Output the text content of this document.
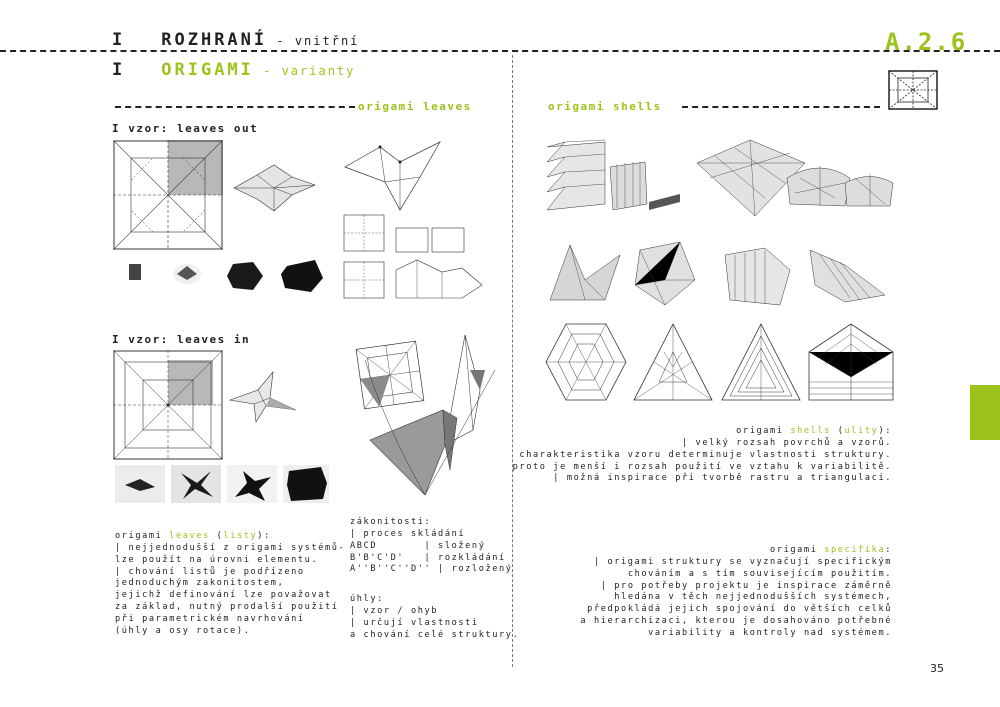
I ROZHRANÍ - vnitřní
I ORIGAMI - varianty
A.2.6
origami leaves
I vzor: leaves out
I vzor: leaves in
origami leaves (listy):
| nejjednodušší z origami systémů-
lze použít na úrovni elementu.
| chování listů je podřízeno
jednoduchým zakonitostem,
jejichž definování lze považovat
za základ, nutný prodalší použití
při parametrickém navrhování
(úhly a osy rotace).
zákonitosti:
| proces skládání
ABCD       | složený
B'B'C'D'   | rozkládání
A''B''C''D'' | rozložený
úhly:
| vzor / ohyb
| určují vlastnosti
a chování celé struktury.
origami shells
origami shells (ulity):
| velký rozsah povrchů a vzorů.
charakteristika vzoru determinuje vlastnosti struktury.
proto je menší i rozsah použití ve vztahu k variabilitě.
| možná inspirace při tvorbě rastru a triangulaci.
origami specifika:
| origami struktury se vyznačují specifickým
chováním a s tím souvisejícím použitím.
| pro potřeby projektu je inspirace záměrně
hledána v těch nejjednodušších systémech,
předpokládá jejich spojování do větších celků
a hierarchizaci, kterou je dosahováno potřebné
variability a kontroly nad systémem.
35
